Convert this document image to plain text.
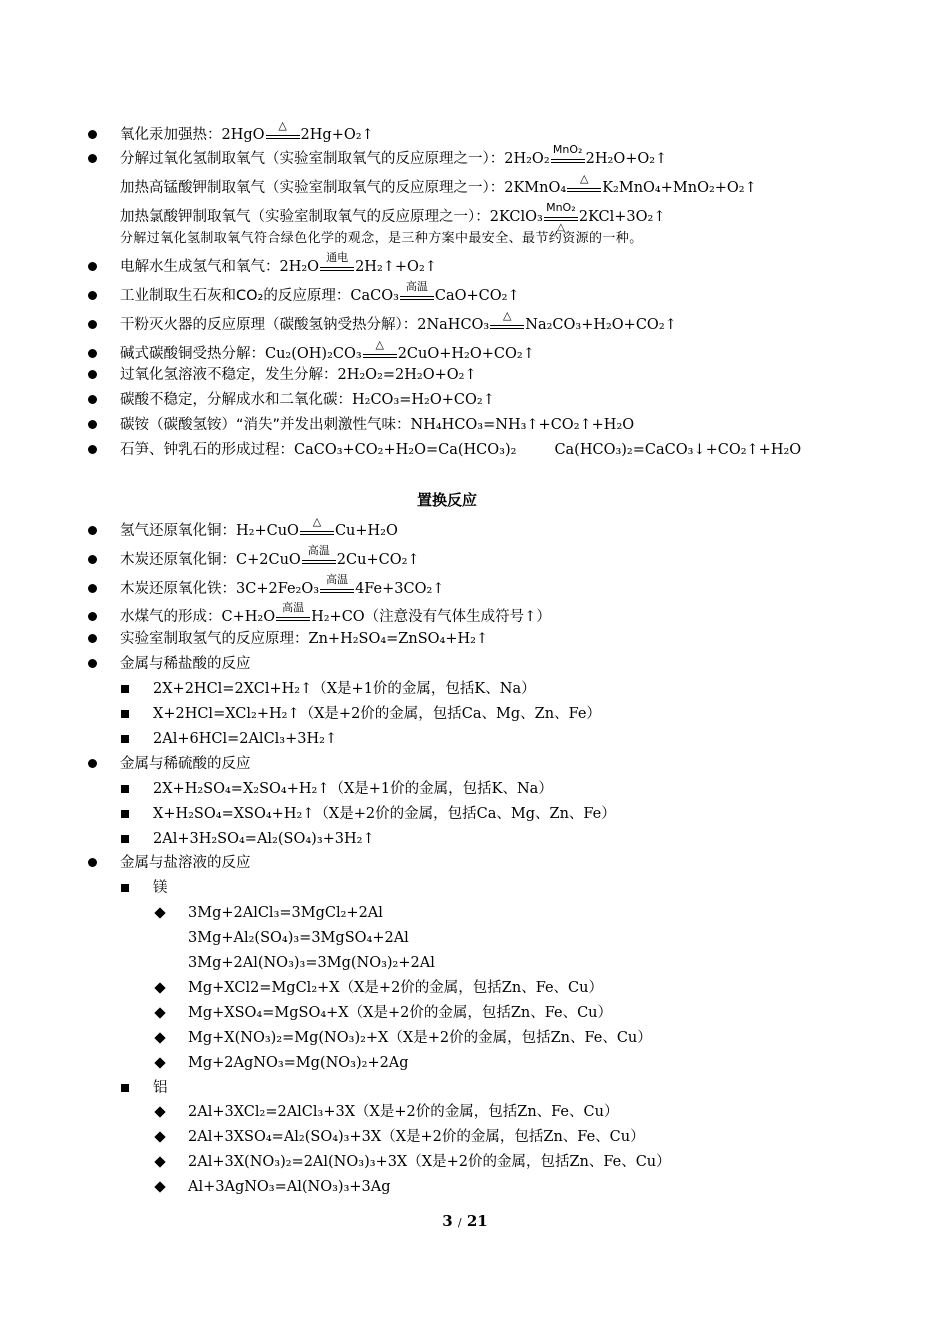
氧化汞加强热：2HgO
△
2Hg+O₂↑
分解过氧化氢制取氧气（实验室制取氧气的反应原理之一）：2H₂O₂
MnO₂
2H₂O+O₂↑
加热高锰酸钾制取氧气（实验室制取氧气的反应原理之一）：2KMnO₄
△
K₂MnO₄+MnO₂+O₂↑
加热氯酸钾制取氧气（实验室制取氧气的反应原理之一）：2KClO₃
MnO₂
△
2KCl+3O₂↑
分解过氧化氢制取氧气符合绿色化学的观念，是三种方案中最安全、最节约资源的一种。
电解水生成氢气和氧气：2H₂O
通电
2H₂↑+O₂↑
工业制取生石灰和CO₂的反应原理：CaCO₃
高温
CaO+CO₂↑
干粉灭火器的反应原理（碳酸氢钠受热分解）：2NaHCO₃
△
Na₂CO₃+H₂O+CO₂↑
碱式碳酸铜受热分解：Cu₂(OH)₂CO₃
△
2CuO+H₂O+CO₂↑
过氧化氢溶液不稳定，发生分解：2H₂O₂=2H₂O+O₂↑
碳酸不稳定，分解成水和二氧化碳：H₂CO₃=H₂O+CO₂↑
碳铵（碳酸氢铵）“消失”并发出刺激性气味：NH₄HCO₃=NH₃↑+CO₂↑+H₂O
石笋、钟乳石的形成过程：CaCO₃+CO₂+H₂O=Ca(HCO₃)₂	Ca(HCO₃)₂=CaCO₃↓+CO₂↑+H₂O
置换反应
氢气还原氧化铜：H₂+CuO
△
Cu+H₂O
木炭还原氧化铜：C+2CuO
高温
2Cu+CO₂↑
木炭还原氧化铁：3C+2Fe₂O₃
高温
4Fe+3CO₂↑
水煤气的形成：C+H₂O
高温
H₂+CO（注意没有气体生成符号↑）
实验室制取氢气的反应原理：Zn+H₂SO₄=ZnSO₄+H₂↑
金属与稀盐酸的反应
2X+2HCl=2XCl+H₂↑（X是+1价的金属，包括K、Na）
X+2HCl=XCl₂+H₂↑（X是+2价的金属，包括Ca、Mg、Zn、Fe）
2Al+6HCl=2AlCl₃+3H₂↑
金属与稀硫酸的反应
2X+H₂SO₄=X₂SO₄+H₂↑（X是+1价的金属，包括K、Na）
X+H₂SO₄=XSO₄+H₂↑（X是+2价的金属，包括Ca、Mg、Zn、Fe）
2Al+3H₂SO₄=Al₂(SO₄)₃+3H₂↑
金属与盐溶液的反应
镁
3Mg+2AlCl₃=3MgCl₂+2Al
3Mg+Al₂(SO₄)₃=3MgSO₄+2Al
3Mg+2Al(NO₃)₃=3Mg(NO₃)₂+2Al
Mg+XCl2=MgCl₂+X（X是+2价的金属，包括Zn、Fe、Cu）
Mg+XSO₄=MgSO₄+X（X是+2价的金属，包括Zn、Fe、Cu）
Mg+X(NO₃)₂=Mg(NO₃)₂+X（X是+2价的金属，包括Zn、Fe、Cu）
Mg+2AgNO₃=Mg(NO₃)₂+2Ag
铝
2Al+3XCl₂=2AlCl₃+3X（X是+2价的金属，包括Zn、Fe、Cu）
2Al+3XSO₄=Al₂(SO₄)₃+3X（X是+2价的金属，包括Zn、Fe、Cu）
2Al+3X(NO₃)₂=2Al(NO₃)₃+3X（X是+2价的金属，包括Zn、Fe、Cu）
Al+3AgNO₃=Al(NO₃)₃+3Ag
3 / 21
